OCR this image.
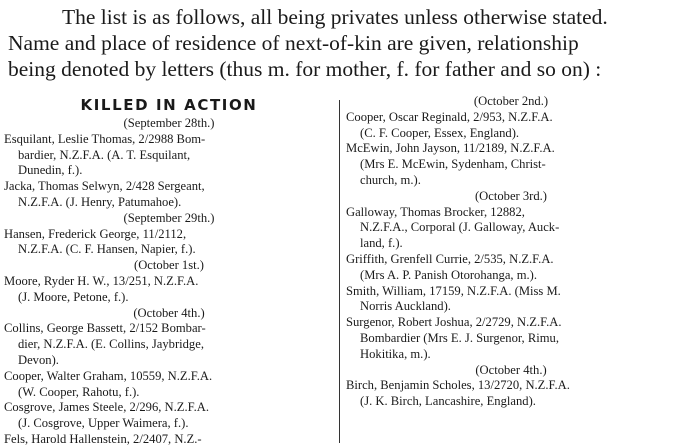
The list is as follows, all being privates unless otherwise stated.
Name and place of residence of next-of-kin are given, relationship
being denoted by letters (thus m. for mother, f. for father and so on) :
KILLED IN ACTION
(September 28th.)
Esquilant, Leslie Thomas, 2/2988 Bom-
bardier, N.Z.F.A. (A. T. Esquilant,
Dunedin, f.).
Jacka, Thomas Selwyn, 2/428 Sergeant,
N.Z.F.A. (J. Henry, Patumahoe).
(September 29th.)
Hansen, Frederick George, 11/2112,
N.Z.F.A. (C. F. Hansen, Napier, f.).
(October 1st.)
Moore, Ryder H. W., 13/251, N.Z.F.A.
(J. Moore, Petone, f.).
(October 4th.)
Collins, George Bassett, 2/152 Bombar-
dier, N.Z.F.A. (E. Collins, Jaybridge,
Devon).
Cooper, Walter Graham, 10559, N.Z.F.A.
(W. Cooper, Rahotu, f.).
Cosgrove, James Steele, 2/296, N.Z.F.A.
(J. Cosgrove, Upper Waimera, f.).
Fels, Harold Hallenstein, 2/2407, N.Z.-
(October 2nd.)
Cooper, Oscar Reginald, 2/953, N.Z.F.A.
(C. F. Cooper, Essex, England).
McEwin, John Jayson, 11/2189, N.Z.F.A.
(Mrs E. McEwin, Sydenham, Christ-
church, m.).
(October 3rd.)
Galloway, Thomas Brocker, 12882,
N.Z.F.A., Corporal (J. Galloway, Auck-
land, f.).
Griffith, Grenfell Currie, 2/535, N.Z.F.A.
(Mrs A. P. Panish Otorohanga, m.).
Smith, William, 17159, N.Z.F.A. (Miss M.
Norris Auckland).
Surgenor, Robert Joshua, 2/2729, N.Z.F.A.
Bombardier (Mrs E. J. Surgenor, Rimu,
Hokitika, m.).
(October 4th.)
Birch, Benjamin Scholes, 13/2720, N.Z.F.A.
(J. K. Birch, Lancashire, England).
